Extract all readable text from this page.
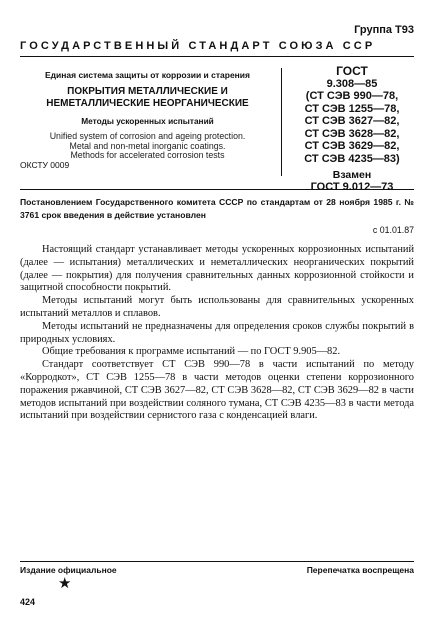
Группа Т93
ГОСУДАРСТВЕННЫЙ СТАНДАРТ СОЮЗА ССР
Единая система защиты от коррозии и старения
ПОКРЫТИЯ МЕТАЛЛИЧЕСКИЕ И
НЕМЕТАЛЛИЧЕСКИЕ НЕОРГАНИЧЕСКИЕ
Методы ускоренных испытаний
Unified system of corrosion and ageing protection.
Metal and non-metal inorganic coatings.
Methods for accelerated corrosion tests
ГОСТ
9.308—85
(СТ СЭВ 990—78,
СТ СЭВ 1255—78,
СТ СЭВ 3627—82,
СТ СЭВ 3628—82,
СТ СЭВ 3629—82,
СТ СЭВ 4235—83)
Взамен
ГОСТ 9.012—73
ОКСТУ 0009
Постановлением Государственного комитета СССР по стандартам от 28 ноября 1985 г. № 3761 срок введения в действие установлен
с 01.01.87

Настоящий стандарт устанавливает методы ускоренных коррозионных испытаний (далее — испытания) металлических и неметаллических неорганических покрытий (далее — покрытия) для получения сравнительных данных коррозионной стойкости и защитной способности покрытий.

Методы испытаний могут быть использованы для сравнительных ускоренных испытаний металлов и сплавов.

Методы испытаний не предназначены для определения сроков службы покрытий в природных условиях.

Общие требования к программе испытаний — по ГОСТ 9.905—82.

Стандарт соответствует СТ СЭВ 990—78 в части испытаний по методу «Корродкот», СТ СЭВ 1255—78 в части методов оценки степени коррозионного поражения ржавчиной, СТ СЭВ 3627—82, СТ СЭВ 3628—82, СТ СЭВ 3629—82 в части методов испытаний при воздействии соляного тумана, СТ СЭВ 4235—83 в части метода испытаний при воздействии сернистого газа с конденсацией влаги.

Издание официальное	Перепечатка воспрещена
★
424
